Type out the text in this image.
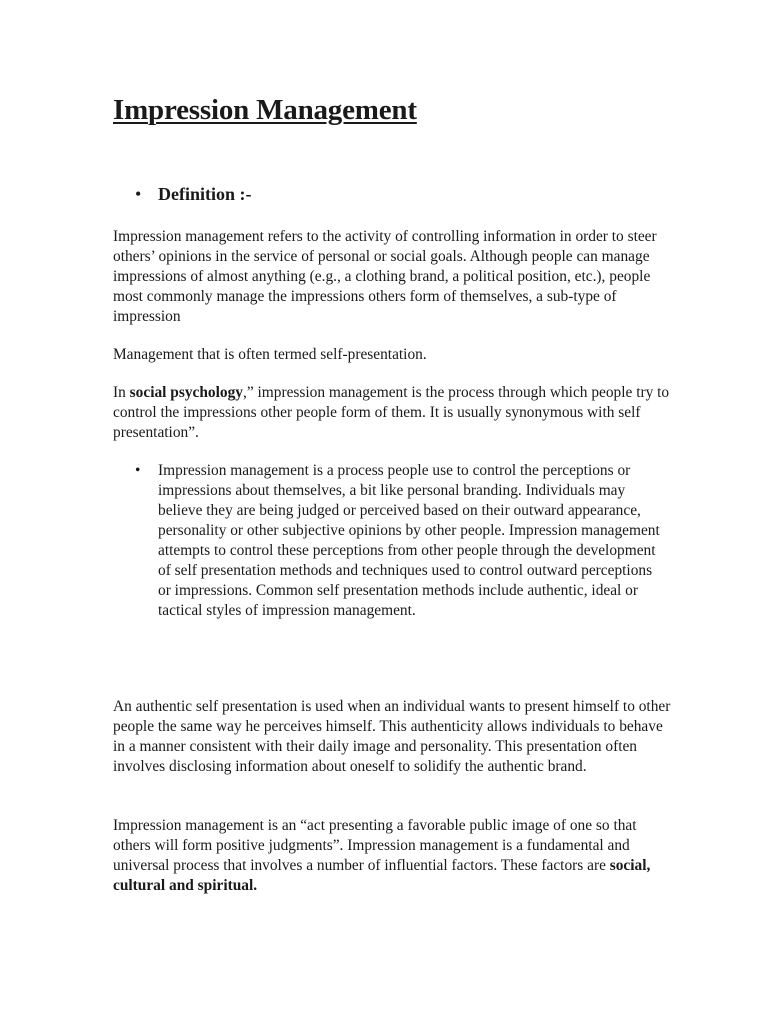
Impression Management
• Definition :-

Impression management refers to the activity of controlling information in order to steer others’ opinions in the service of personal or social goals. Although people can manage impressions of almost anything (e.g., a clothing brand, a political position, etc.), people most commonly manage the impressions others form of themselves, a sub-type of impression

Management that is often termed self-presentation.

In social psychology,” impression management is the process through which people try to control the impressions other people form of them. It is usually synonymous with self presentation”.

• Impression management is a process people use to control the perceptions or impressions about themselves, a bit like personal branding. Individuals may believe they are being judged or perceived based on their outward appearance, personality or other subjective opinions by other people. Impression management attempts to control these perceptions from other people through the development of self presentation methods and techniques used to control outward perceptions or impressions. Common self presentation methods include authentic, ideal or tactical styles of impression management.

An authentic self presentation is used when an individual wants to present himself to other people the same way he perceives himself. This authenticity allows individuals to behave in a manner consistent with their daily image and personality. This presentation often involves disclosing information about oneself to solidify the authentic brand.

Impression management is an “act presenting a favorable public image of one so that others will form positive judgments”. Impression management is a fundamental and universal process that involves a number of influential factors. These factors are social, cultural and spiritual.
